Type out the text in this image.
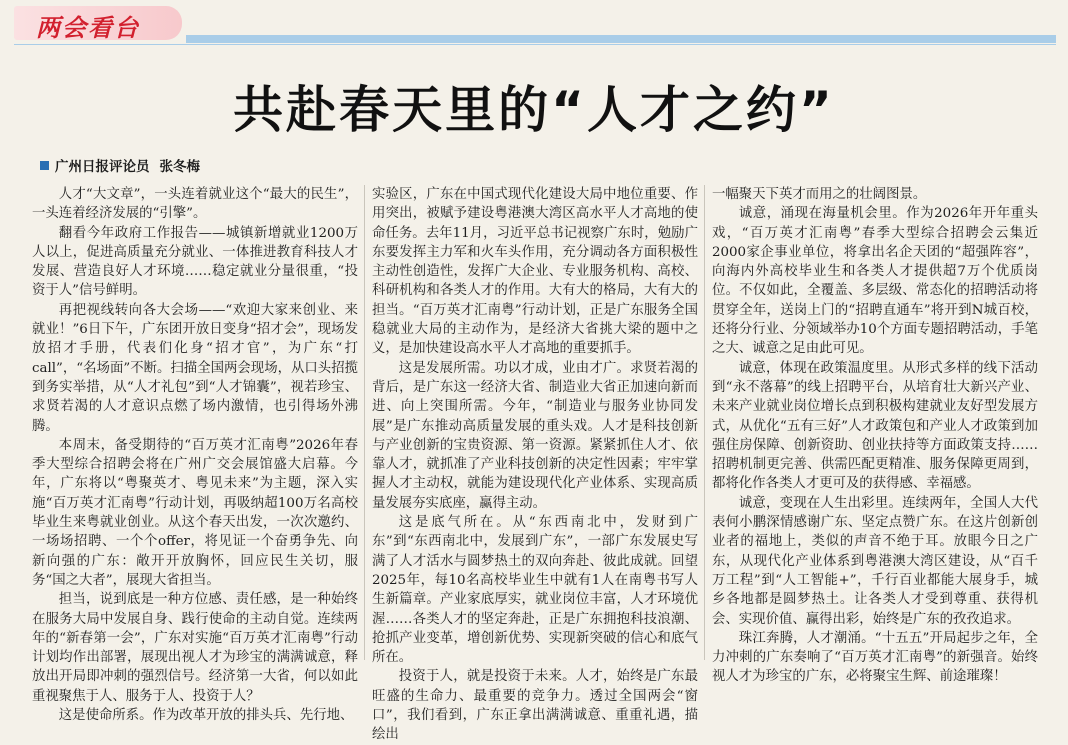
两会看台
共赴春天里的“人才之约”
广州日报评论员 张冬梅

人才“大文章”，一头连着就业这个“最大的民生”，一头连着经济发展的“引擎”。

翻看今年政府工作报告——城镇新增就业1200万人以上，促进高质量充分就业、一体推进教育科技人才发展、营造良好人才环境……稳定就业分量很重，“投资于人”信号鲜明。

再把视线转向各大会场——“欢迎大家来创业、来就业！”6日下午，广东团开放日变身“招才会”，现场发放招才手册，代表们化身“招才官”，为广东“打call”，“名场面”不断。扫描全国两会现场，从口头招揽到务实举措，从“人才礼包”到“人才锦囊”，视若珍宝、求贤若渴的人才意识点燃了场内激情，也引得场外沸腾。

本周末，备受期待的“百万英才汇南粤”2026年春季大型综合招聘会将在广州广交会展馆盛大启幕。今年，广东将以“粤聚英才、粤见未来”为主题，深入实施“百万英才汇南粤”行动计划，再吸纳超100万名高校毕业生来粤就业创业。从这个春天出发，一次次邀约、一场场招聘、一个个offer，将见证一个奋勇争先、向新向强的广东：敞开开放胸怀，回应民生关切，服务“国之大者”，展现大省担当。

担当，说到底是一种方位感、责任感，是一种始终在服务大局中发展自身、践行使命的主动自觉。连续两年的“新春第一会”，广东对实施“百万英才汇南粤”行动计划均作出部署，展现出视人才为珍宝的满满诚意，释放出开局即冲刺的强烈信号。经济第一大省，何以如此重视聚焦于人、服务于人、投资于人？

这是使命所系。作为改革开放的排头兵、先行地、

实验区，广东在中国式现代化建设大局中地位重要、作用突出，被赋予建设粤港澳大湾区高水平人才高地的使命任务。去年11月，习近平总书记视察广东时，勉励广东要发挥主力军和火车头作用，充分调动各方面积极性主动性创造性，发挥广大企业、专业服务机构、高校、科研机构和各类人才的作用。大有大的格局，大有大的担当。“百万英才汇南粤”行动计划，正是广东服务全国稳就业大局的主动作为，是经济大省挑大梁的题中之义，是加快建设高水平人才高地的重要抓手。

这是发展所需。功以才成，业由才广。求贤若渴的背后，是广东这一经济大省、制造业大省正加速向新而进、向上突围所需。今年，“制造业与服务业协同发展”是广东推动高质量发展的重头戏。人才是科技创新与产业创新的宝贵资源、第一资源。紧紧抓住人才、依靠人才，就抓准了产业科技创新的决定性因素；牢牢掌握人才主动权，就能为建设现代化产业体系、实现高质量发展夯实底座，赢得主动。

这是底气所在。从“东西南北中，发财到广东”到“东西南北中，发展到广东”，一部广东发展史写满了人才活水与圆梦热土的双向奔赴、彼此成就。回望2025年，每10名高校毕业生中就有1人在南粤书写人生新篇章。产业家底厚实，就业岗位丰富，人才环境优渥……各类人才的坚定奔赴，正是广东拥抱科技浪潮、抢抓产业变革，增创新优势、实现新突破的信心和底气所在。

投资于人，就是投资于未来。人才，始终是广东最旺盛的生命力、最重要的竞争力。透过全国两会“窗口”，我们看到，广东正拿出满满诚意、重重礼遇，描绘出

一幅聚天下英才而用之的壮阔图景。

诚意，涌现在海量机会里。作为2026年开年重头戏，“百万英才汇南粤”春季大型综合招聘会云集近2000家企事业单位，将拿出名企天团的“超强阵容”，向海内外高校毕业生和各类人才提供超7万个优质岗位。不仅如此，全覆盖、多层级、常态化的招聘活动将贯穿全年，送岗上门的“招聘直通车”将开到N城百校，还将分行业、分领域举办10个方面专题招聘活动，手笔之大、诚意之足由此可见。

诚意，体现在政策温度里。从形式多样的线下活动到“永不落幕”的线上招聘平台，从培育壮大新兴产业、未来产业就业岗位增长点到积极构建就业友好型发展方式，从优化“五有三好”人才政策包和产业人才政策到加强住房保障、创新资助、创业扶持等方面政策支持……招聘机制更完善、供需匹配更精准、服务保障更周到，都将化作各类人才更可及的获得感、幸福感。

诚意，变现在人生出彩里。连续两年，全国人大代表何小鹏深情感谢广东、坚定点赞广东。在这片创新创业者的福地上，类似的声音不绝于耳。放眼今日之广东，从现代化产业体系到粤港澳大湾区建设，从“百千万工程”到“人工智能+”，千行百业都能大展身手，城乡各地都是圆梦热土。让各类人才受到尊重、获得机会、实现价值、赢得出彩，始终是广东的孜孜追求。

珠江奔腾，人才潮涌。“十五五”开局起步之年，全力冲刺的广东奏响了“百万英才汇南粤”的新强音。始终视人才为珍宝的广东，必将聚宝生辉、前途璀璨！
